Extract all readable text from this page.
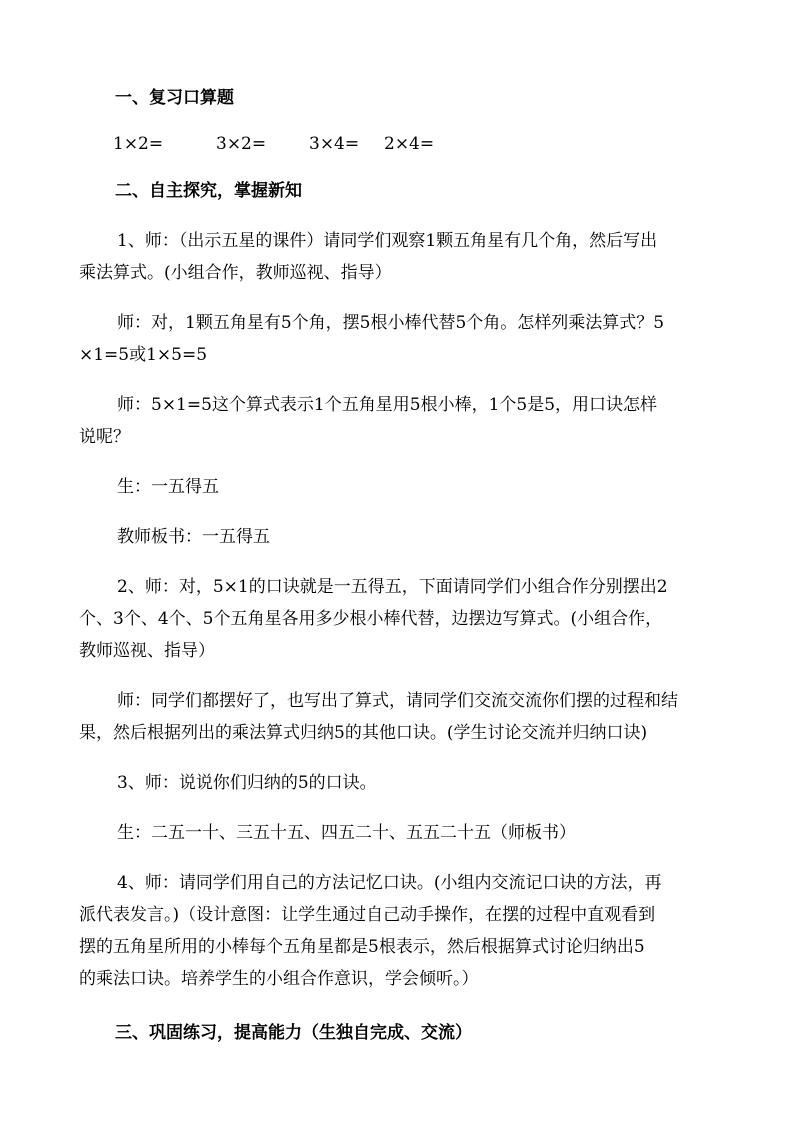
一、复习口算题
1×2=	3×2=	3×4= 2×4=
二、自主探究，掌握新知
1、师：（出示五星的课件）请同学们观察1颗五角星有几个角，然后写出
乘法算式。(小组合作，教师巡视、指导）
师：对，1颗五角星有5个角，摆5根小棒代替5个角。怎样列乘法算式？5
×1=5或1×5=5
师：5×1=5这个算式表示1个五角星用5根小棒，1个5是5，用口诀怎样
说呢？
生：一五得五
教师板书：一五得五
2、师：对，5×1的口诀就是一五得五，下面请同学们小组合作分别摆出2
个、3个、4个、5个五角星各用多少根小棒代替，边摆边写算式。(小组合作，
教师巡视、指导）
师：同学们都摆好了，也写出了算式，请同学们交流交流你们摆的过程和结
果，然后根据列出的乘法算式归纳5的其他口诀。(学生讨论交流并归纳口诀)
3、师：说说你们归纳的5的口诀。
生：二五一十、三五十五、四五二十、五五二十五（师板书）
4、师：请同学们用自己的方法记忆口诀。(小组内交流记口诀的方法，再
派代表发言。)（设计意图：让学生通过自己动手操作，在摆的过程中直观看到
摆的五角星所用的小棒每个五角星都是5根表示，然后根据算式讨论归纳出5
的乘法口诀。培养学生的小组合作意识，学会倾听。）
三、巩固练习，提高能力（生独自完成、交流）
